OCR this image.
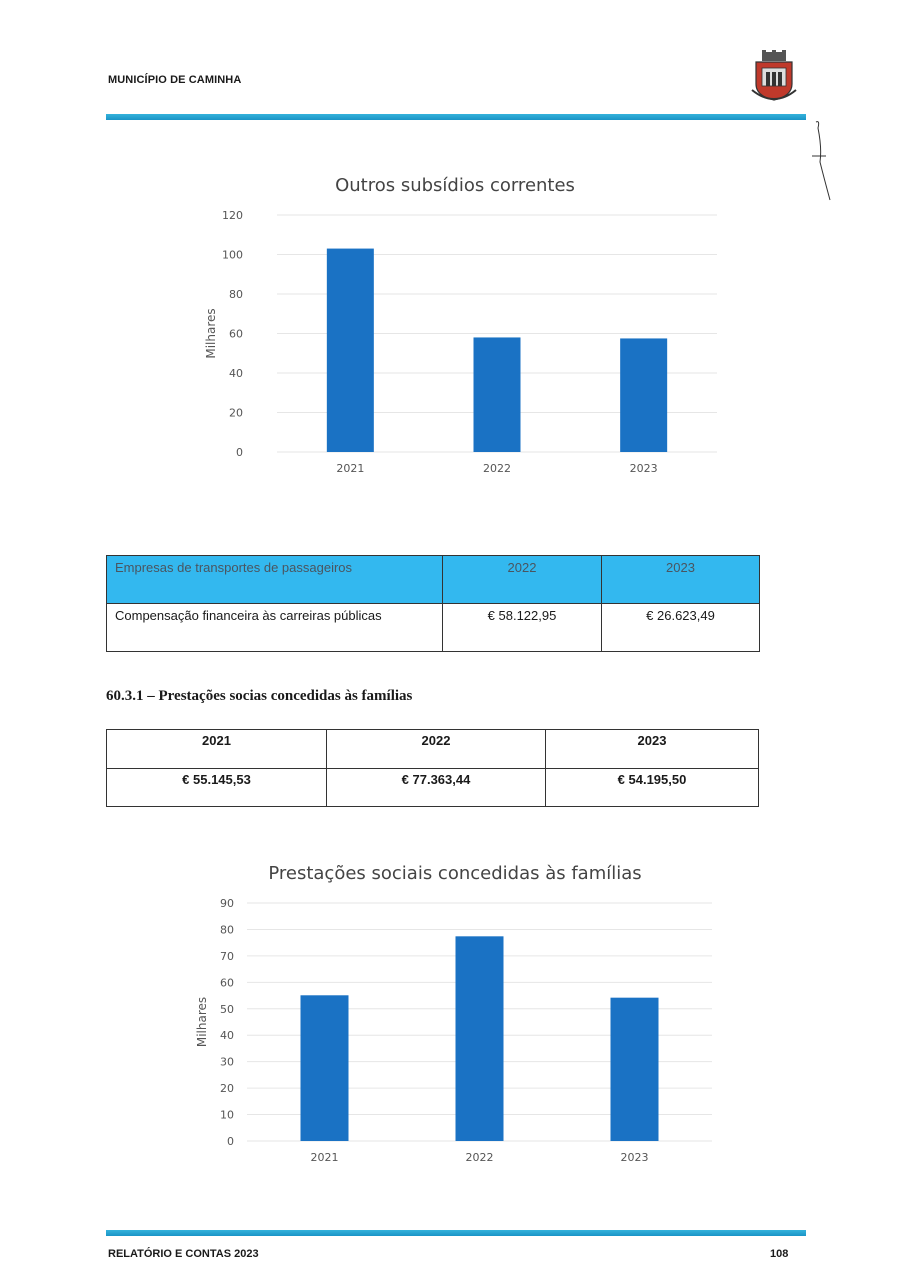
MUNICÍPIO DE CAMINHA
Outros subsídios correntes
0
20
40
60
80
100
120
Milhares
2021	2022	2023
Empresas de transportes de passageiros	2022	2023
Compensação financeira às carreiras públicas	€ 58.122,95	€ 26.623,49
60.3.1 – Prestações socias concedidas às famílias
2021	2022	2023
€ 55.145,53	€ 77.363,44	€ 54.195,50
Prestações sociais concedidas às famílias
0
10
20
30
40
50
60
70
80
90
Milhares
2021	2022	2023
RELATÓRIO E CONTAS 2023	108
